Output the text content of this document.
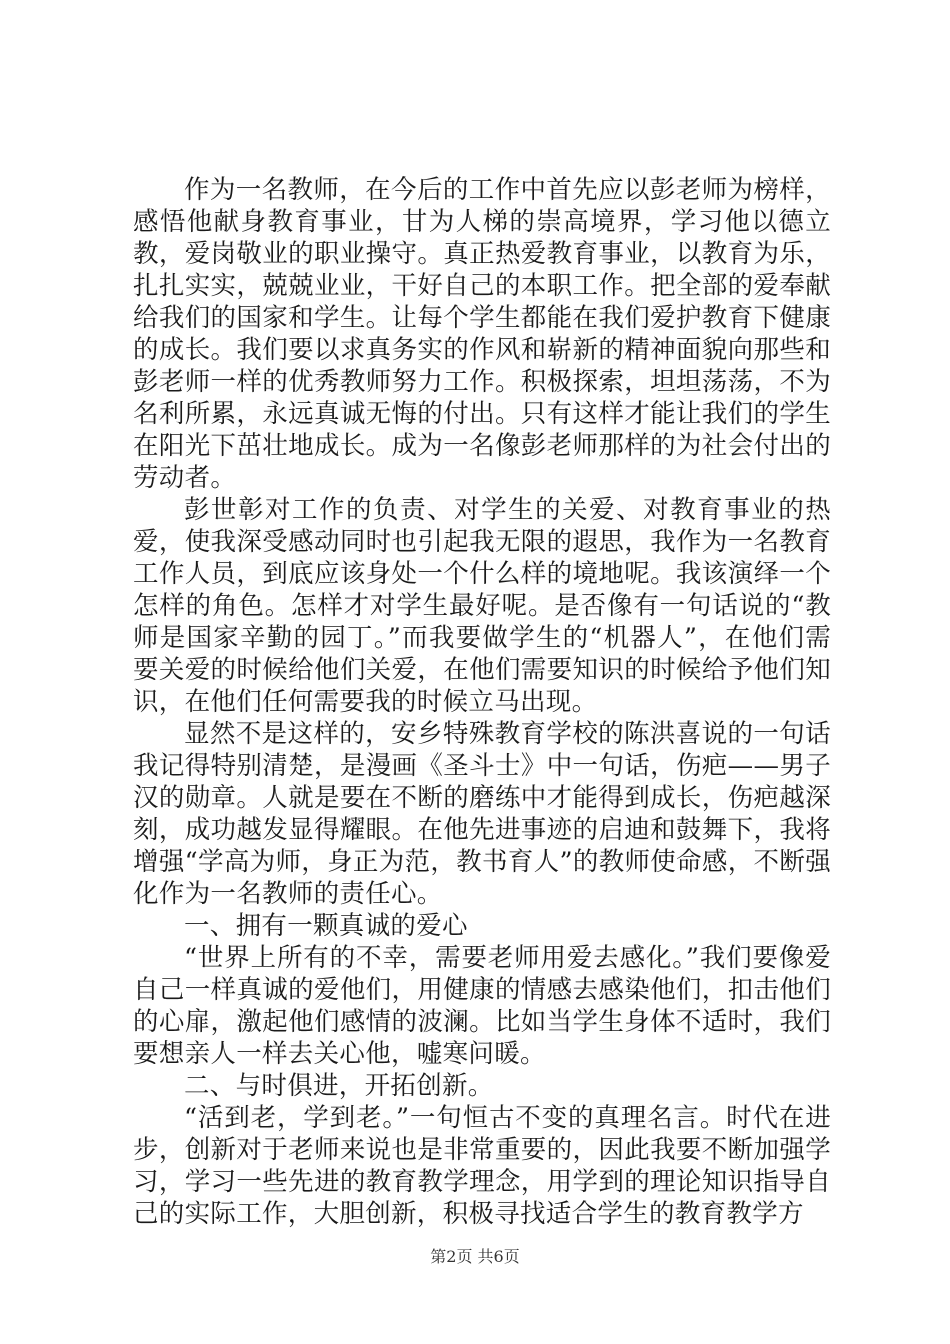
作为一名教师，在今后的工作中首先应以彭老师为榜样，感悟他献身教育事业，甘为人梯的崇高境界，学习他以德立教，爱岗敬业的职业操守。真正热爱教育事业，以教育为乐，扎扎实实，兢兢业业，干好自己的本职工作。把全部的爱奉献给我们的国家和学生。让每个学生都能在我们爱护教育下健康的成长。我们要以求真务实的作风和崭新的精神面貌向那些和彭老师一样的优秀教师努力工作。积极探索，坦坦荡荡，不为名利所累，永远真诚无悔的付出。只有这样才能让我们的学生在阳光下茁壮地成长。成为一名像彭老师那样的为社会付出的劳动者。

彭世彰对工作的负责、对学生的关爱、对教育事业的热爱，使我深受感动同时也引起我无限的遐思，我作为一名教育工作人员，到底应该身处一个什么样的境地呢。我该演绎一个怎样的角色。怎样才对学生最好呢。是否像有一句话说的“教师是国家辛勤的园丁。”而我要做学生的“机器人”，在他们需要关爱的时候给他们关爱，在他们需要知识的时候给予他们知识，在他们任何需要我的时候立马出现。

显然不是这样的，安乡特殊教育学校的陈洪喜说的一句话我记得特别清楚，是漫画《圣斗士》中一句话，伤疤——男子汉的勋章。人就是要在不断的磨练中才能得到成长，伤疤越深刻，成功越发显得耀眼。在他先进事迹的启迪和鼓舞下，我将增强“学高为师，身正为范，教书育人”的教师使命感，不断强化作为一名教师的责任心。

一、拥有一颗真诚的爱心

“世界上所有的不幸，需要老师用爱去感化。”我们要像爱自己一样真诚的爱他们，用健康的情感去感染他们，扣击他们的心扉，激起他们感情的波澜。比如当学生身体不适时，我们要想亲人一样去关心他，嘘寒问暖。

二、与时俱进，开拓创新。

“活到老，学到老。”一句恒古不变的真理名言。时代在进步，创新对于老师来说也是非常重要的，因此我要不断加强学习，学习一些先进的教育教学理念，用学到的理论知识指导自己的实际工作，大胆创新，积极寻找适合学生的教育教学方

第2页 共6页
